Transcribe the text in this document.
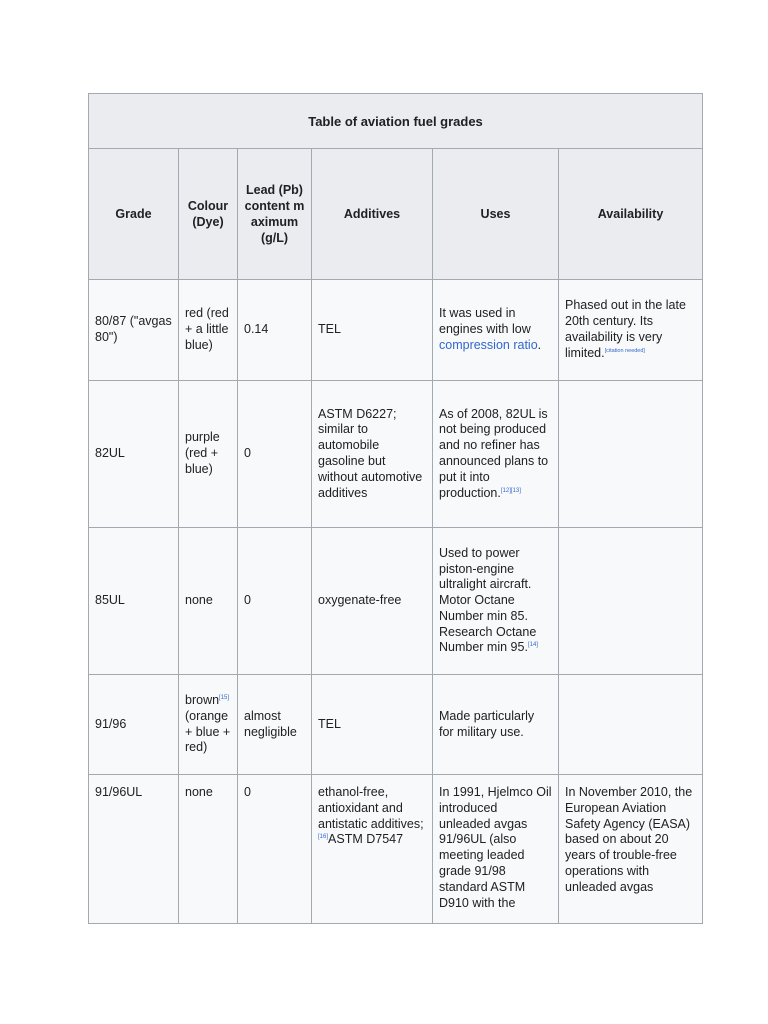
Table of aviation fuel grades					
Grade	Colour (Dye)	Lead (Pb) content maximum (g/L)	Additives	Uses	Availability
80/87 ("avgas 80")	red (red + a little blue)	0.14	TEL	It was used in engines with low compression ratio.	Phased out in the late 20th century. Its availability is very limited.[citation needed]
82UL	purple (red + blue)	0	ASTM D6227; similar to automobile gasoline but without automotive additives	As of 2008, 82UL is not being produced and no refiner has announced plans to put it into production.[12][13]	
85UL	none	0	oxygenate-free	Used to power piston-engine ultralight aircraft. Motor Octane Number min 85. Research Octane Number min 95.[14]	
91/96	brown[15] (orange + blue + red)	almost negligible	TEL	Made particularly for military use.	
91/96UL	none	0	ethanol-free, antioxidant and antistatic additives;[16]ASTM D7547	In 1991, Hjelmco Oil introduced unleaded avgas 91/96UL (also meeting leaded grade 91/98 standard ASTM D910 with the	In November 2010, the European Aviation Safety Agency (EASA) based on about 20 years of trouble-free operations with unleaded avgas
